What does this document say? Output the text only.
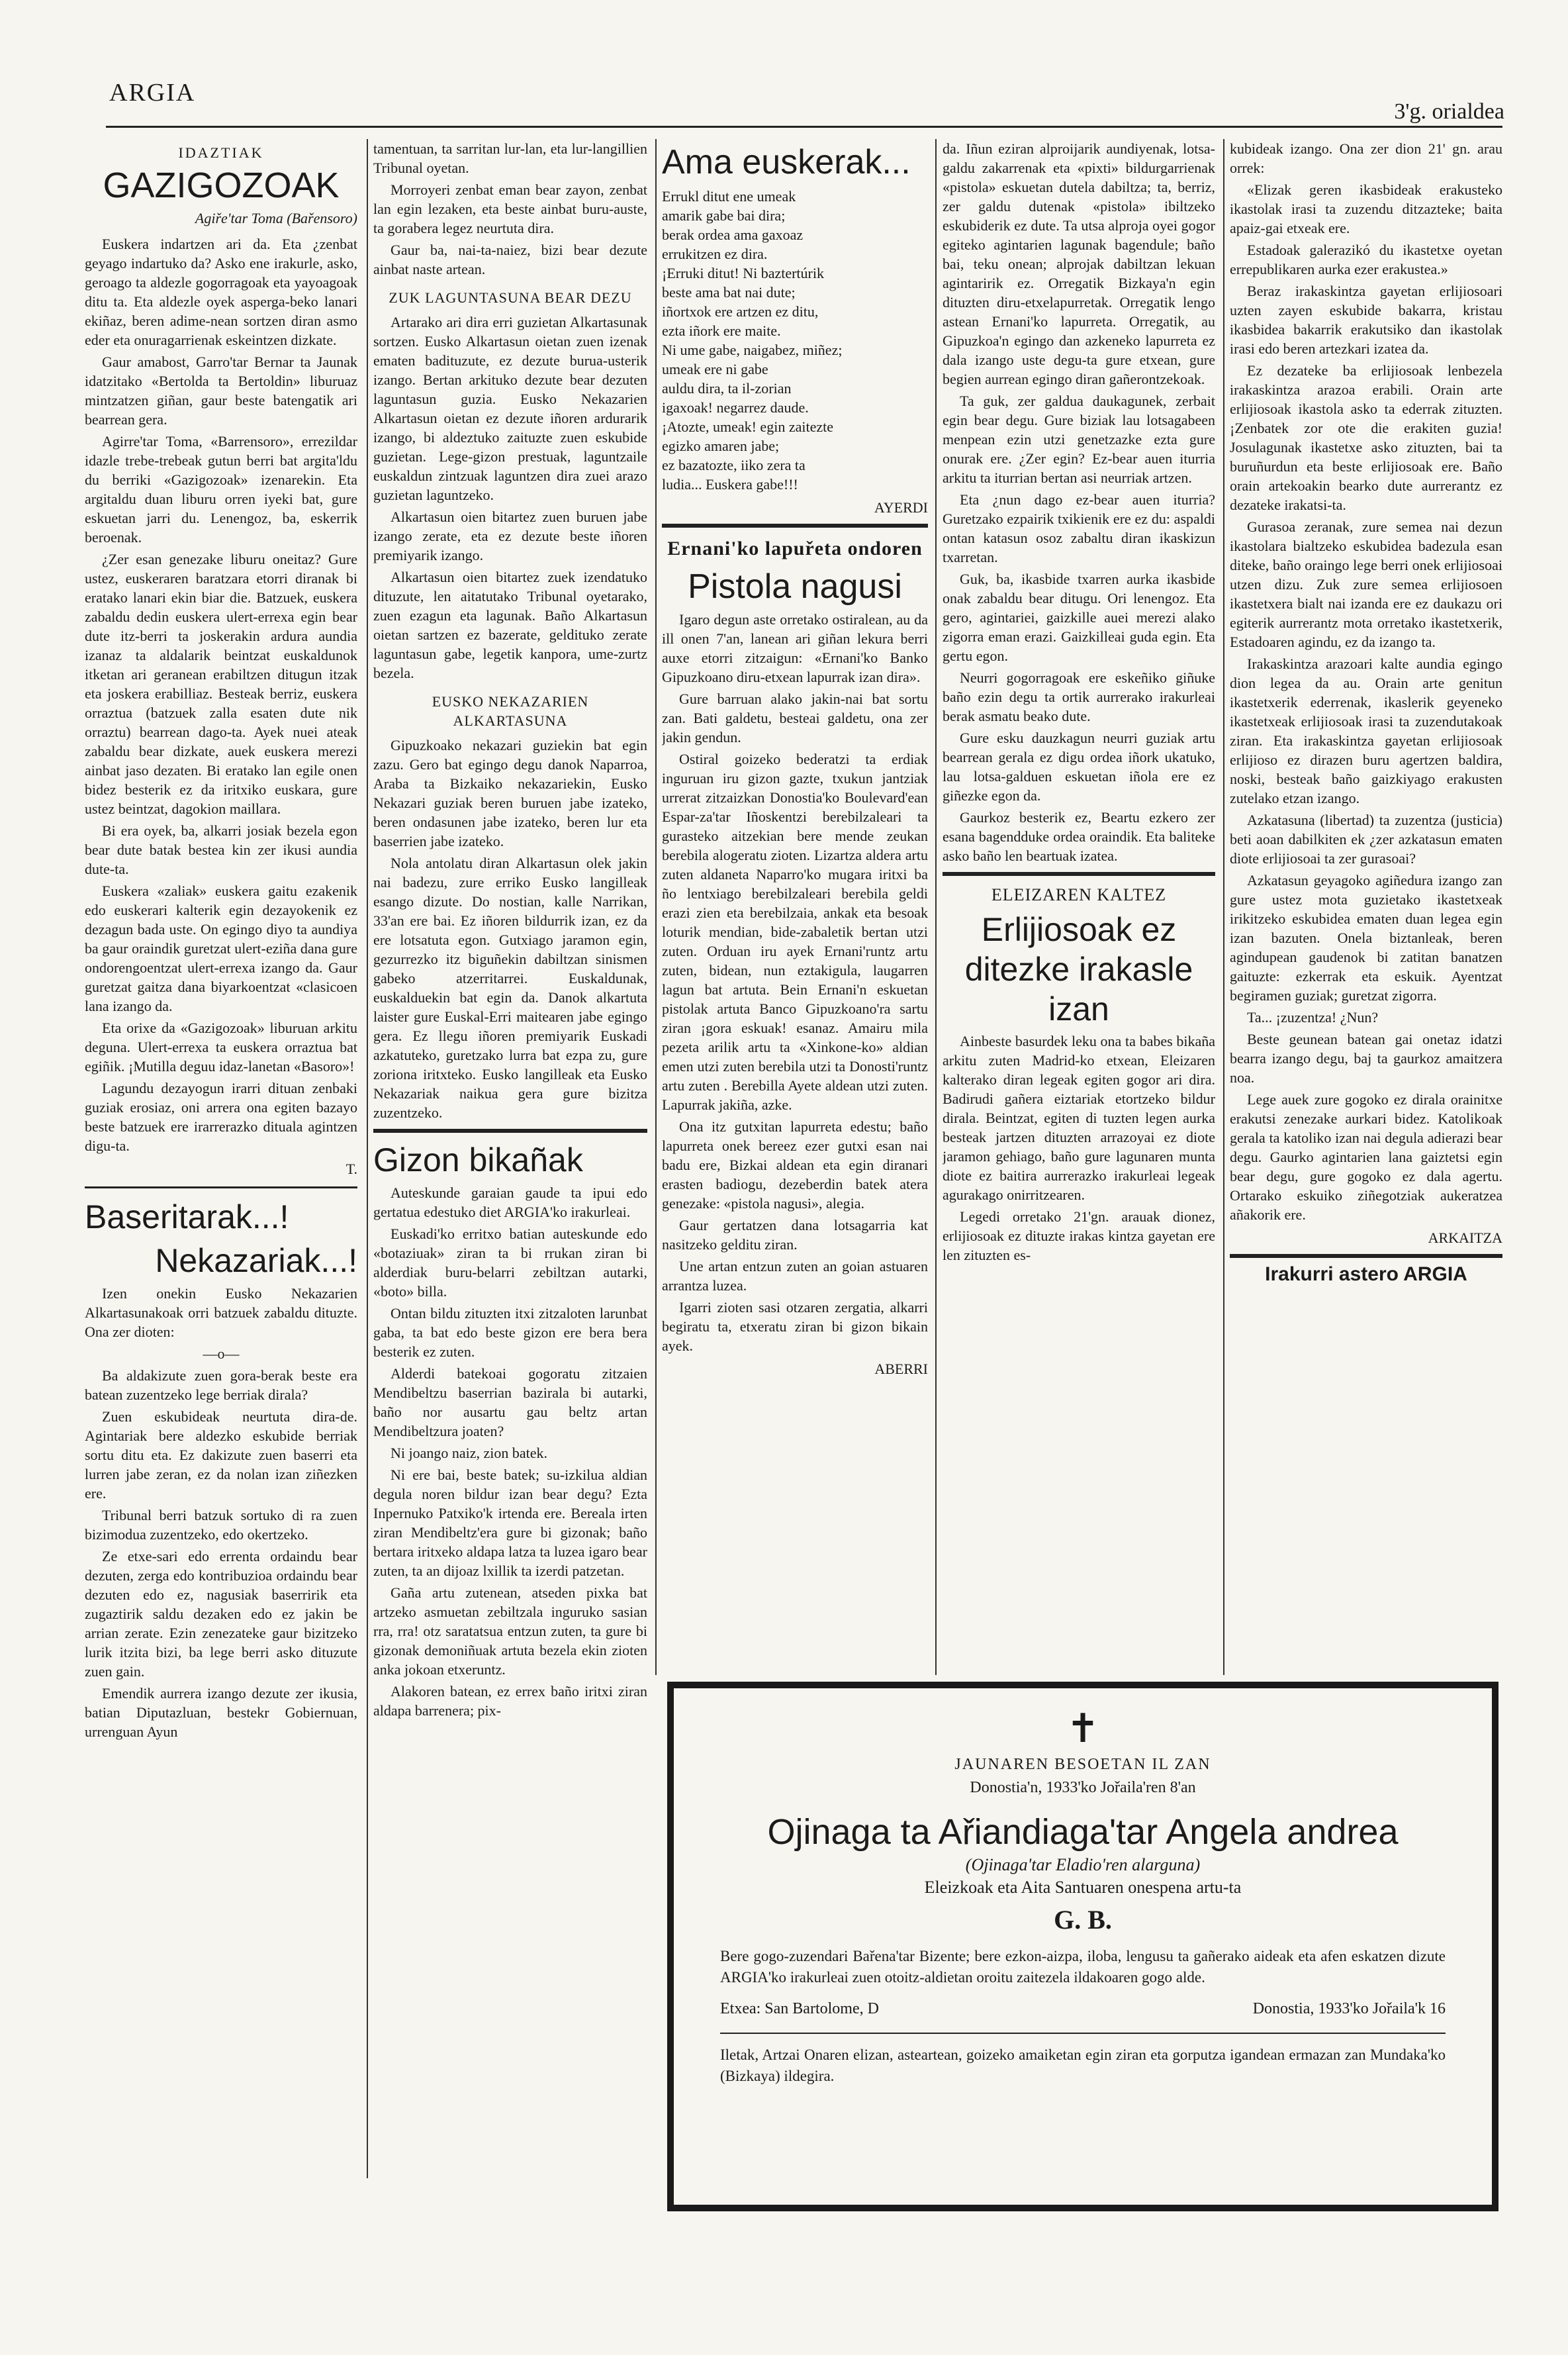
ARGIA
3'g. orialdea
IDAZTIAK
GAZIGOZOAK
Agiře'tar Toma (Bařensoro)

Euskera indartzen ari da. Eta ¿zenbat geyago indartuko da? Asko ene irakurle, asko, geroago ta aldezle gogorragoak eta yayoagoak ditu ta. Eta aldezle oyek asperga-beko lanari ekiñaz, beren adime-nean sortzen diran asmo eder eta onuragarrienak eskeintzen dizkate.

Gaur amabost, Garro'tar Bernar ta Jaunak idatzitako «Bertolda ta Bertoldin» liburuaz mintzatzen giñan, gaur beste batengatik ari bearrean gera.

Agirre'tar Toma, «Barrensoro», errezildar idazle trebe-trebeak gutun berri bat argita'ldu du berriki «Gazigozoak» izenarekin. Eta argitaldu duan liburu orren iyeki bat, gure eskuetan jarri du. Lenengoz, ba, eskerrik beroenak.

¿Zer esan genezake liburu oneitaz? Gure ustez, euskeraren baratzara etorri diranak bi eratako lanari ekin biar die. Batzuek, euskera zabaldu dedin euskera ulert-errexa egin bear dute itz-berri ta joskerakin ardura aundia izanaz ta aldalarik beintzat euskaldunok itketan ari geranean erabiltzen ditugun itzak eta joskera erabilliaz. Besteak berriz, euskera orraztua (batzuek zalla esaten dute nik orraztu) bearrean dago-ta. Ayek nuei ateak zabaldu bear dizkate, auek euskera merezi ainbat jaso dezaten. Bi eratako lan egile onen bidez besterik ez da iritxiko euskara, gure ustez beintzat, dagokion maillara.

Bi era oyek, ba, alkarri josiak bezela egon bear dute batak bestea kin zer ikusi aundia dute-ta.

Euskera «zaliak» euskera gaitu ezakenik edo euskerari kalterik egin dezayokenik ez dezagun bada uste. On egingo diyo ta aundiya ba gaur oraindik guretzat ulert-eziña dana gure ondorengoentzat ulert-errexa izango da. Gaur guretzat gaitza dana biyarkoentzat «clasicoen lana izango da.

Eta orixe da «Gazigozoak» liburuan arkitu deguna. Ulert-errexa ta euskera orraztua bat egiñik. ¡Mutilla deguu idaz-lanetan «Basoro»!

Lagundu dezayogun irarri dituan zenbaki guziak erosiaz, oni arrera ona egiten bazayo beste batzuek ere irarrerazko dituala agintzen digu-ta.

T.
Baseritarak...!
Nekazariak...!

Izen onekin Eusko Nekazarien Alkartasunakoak orri batzuek zabaldu dituzte. Ona zer dioten:

—o—

Ba aldakizute zuen gora-berak beste era batean zuzentzeko lege berriak dirala?

Zuen eskubideak neurtuta dira-de. Agintariak bere aldezko eskubide berriak sortu ditu eta. Ez dakizute zuen baserri eta lurren jabe zeran, ez da nolan izan ziñezken ere.

Tribunal berri batzuk sortuko di ra zuen bizimodua zuzentzeko, edo okertzeko.

Ze etxe-sari edo errenta ordaindu bear dezuten, zerga edo kontribuzioa ordaindu bear dezuten edo ez, nagusiak baserririk eta zugaztirik saldu dezaken edo ez jakin be arrian zerate. Ezin zenezateke gaur bizitzeko lurik itzita bizi, ba lege berri asko dituzute zuen gain.

Emendik aurrera izango dezute zer ikusia, batian Diputazluan, bestekr Gobiernuan, urrenguan Ayun

tamentuan, ta sarritan lur-lan, eta lur-langillien Tribunal oyetan.

Morroyeri zenbat eman bear zayon, zenbat lan egin lezaken, eta beste ainbat buru-auste, ta gorabera legez neurtuta dira.

Gaur ba, nai-ta-naiez, bizi bear dezute ainbat naste artean.

ZUK LAGUNTASUNA BEAR DEZU

Artarako ari dira erri guzietan Alkartasunak sortzen. Eusko Alkartasun oietan zuen izenak ematen badituzute, ez dezute burua-usterik izango. Bertan arkituko dezute bear dezuten laguntasun guzia. Eusko Nekazarien Alkartasun oietan ez dezute iñoren ardurarik izango, bi aldeztuko zaituzte zuen eskubide guzietan. Lege-gizon prestuak, laguntzaile euskaldun zintzuak laguntzen dira zuei arazo guzietan laguntzeko.

Alkartasun oien bitartez zuen buruen jabe izango zerate, eta ez dezute beste iñoren premiyarik izango.

Alkartasun oien bitartez zuek izendatuko dituzute, len aitatutako Tribunal oyetarako, zuen ezagun eta lagunak. Baño Alkartasun oietan sartzen ez bazerate, geldituko zerate laguntasun gabe, legetik kanpora, ume-zurtz bezela.

EUSKO NEKAZARIEN ALKARTASUNA

Gipuzkoako nekazari guziekin bat egin zazu. Gero bat egingo degu danok Naparroa, Araba ta Bizkaiko nekazariekin, Eusko Nekazari guziak beren buruen jabe izateko, beren ondasunen jabe izateko, beren lur eta baserrien jabe izateko.

Nola antolatu diran Alkartasun olek jakin nai badezu, zure erriko Eusko langilleak esango dizute. Do nostian, kalle Narrikan, 33'an ere bai. Ez iñoren bildurrik izan, ez da ere lotsatuta egon. Gutxiago jaramon egin, gezurrezko itz biguñekin dabiltzan sinismen gabeko atzerritarrei. Euskaldunak, euskalduekin bat egin da. Danok alkartuta laister gure Euskal-Erri maitearen jabe egingo gera. Ez llegu iñoren premiyarik Euskadi azkatuteko, guretzako lurra bat ezpa zu, gure zoriona iritxteko. Eusko langilleak eta Eusko Nekazariak naikua gera gure bizitza zuzentzeko.

Gizon bikañak

Auteskunde garaian gaude ta ipui edo gertatua edestuko diet ARGIA'ko irakurleai.

Euskadi'ko erritxo batian auteskunde edo «botaziuak» ziran ta bi rrukan ziran bi alderdiak buru-belarri zebiltzan autarki, «boto» billa.

Ontan bildu zituzten itxi zitzaloten larunbat gaba, ta bat edo beste gizon ere bera bera besterik ez zuten.

Alderdi batekoai gogoratu zitzaien Mendibeltzu baserrian bazirala bi autarki, baño nor ausartu gau beltz artan Mendibeltzura joaten?

Ni joango naiz, zion batek.

Ni ere bai, beste batek; su-izkilua aldian degula noren bildur izan bear degu? Ezta Inpernuko Patxiko'k irtenda ere. Bereala irten ziran Mendibeltz'era gure bi gizonak; baño bertara iritxeko aldapa latza ta luzea igaro bear zuten, ta an dijoaz lxillik ta izerdi patzetan.

Gaña artu zutenean, atseden pixka bat artzeko asmuetan zebiltzala inguruko sasian rra, rra! otz saratatsua entzun zuten, ta gure bi gizonak demoniñuak artuta bezela ekin zioten anka jokoan etxeruntz.

Alakoren batean, ez errex baño iritxi ziran aldapa barrenera; pix-

Ama euskerak...
Errukl ditut ene umeak
amarik gabe bai dira;
berak ordea ama gaxoaz
errukitzen ez dira.
¡Erruki ditut! Ni baztertúrik
beste ama bat nai dute;
iñortxok ere artzen ez ditu,
ezta iñork ere maite.
Ni ume gabe, naigabez, miñez;
umeak ere ni gabe
auldu dira, ta il-zorian
igaxoak! negarrez daude.
¡Atozte, umeak! egin zaitezte
egizko amaren jabe;
ez bazatozte, iiko zera ta
ludia... Euskera gabe!!!
AYERDI
Ernani'ko lapuřeta ondoren
Pistola nagusi

Igaro degun aste orretako ostiralean, au da ill onen 7'an, lanean ari giñan lekura berri auxe etorri zitzaigun: «Ernani'ko Banko Gipuzkoano diru-etxean lapurrak izan dira».

Gure barruan alako jakin-nai bat sortu zan. Bati galdetu, besteai galdetu, ona zer jakin gendun.

Ostiral goizeko bederatzi ta erdiak inguruan iru gizon gazte, txukun jantziak urrerat zitzaizkan Donostia'ko Boulevard'ean Espar-za'tar Iñoskentzi berebilzaleari ta gurasteko aitzekian bere mende zeukan berebila alogeratu zioten. Lizartza aldera artu zuten aldaneta Naparro'ko mugara iritxi ba ño lentxiago berebilzaleari berebila geldi erazi zien eta berebilzaia, ankak eta besoak loturik mendian, bide-zabaletik bertan utzi zuten. Orduan iru ayek Ernani'runtz artu zuten, bidean, nun eztakigula, laugarren lagun bat artuta. Bein Ernani'n eskuetan pistolak artuta Banco Gipuzkoano'ra sartu ziran ¡gora eskuak! esanaz. Amairu mila pezeta arilik artu ta «Xinkone-ko» aldian emen utzi zuten berebila utzi ta Donosti'runtz artu zuten . Berebilla Ayete aldean utzi zuten. Lapurrak jakiña, azke.

Ona itz gutxitan lapurreta edestu; baño lapurreta onek bereez ezer gutxi esan nai badu ere, Bizkai aldean eta egin diranari erasten badiogu, dezeberdin batek atera genezake: «pistola nagusi», alegia.

Gaur gertatzen dana lotsagarria kat nasitzeko gelditu ziran.

Une artan entzun zuten an goian astuaren arrantza luzea.

Igarri zioten sasi otzaren zergatia, alkarri begiratu ta, etxeratu ziran bi gizon bikain ayek.

ABERRI

da. Iñun eziran alproijarik aundiyenak, lotsa-galdu zakarrenak eta «pixti» bildurgarrienak «pistola» eskuetan dutela dabiltza; ta, berriz, zer galdu dutenak «pistola» ibiltzeko eskubiderik ez dute. Ta utsa alproja oyei gogor egiteko agintarien lagunak bagendule; baño bai, teku onean; alprojak dabiltzan lekuan agintaririk ez. Orregatik Bizkaya'n egin dituzten diru-etxelapurretak. Orregatik lengo astean Ernani'ko lapurreta. Orregatik, au Gipuzkoa'n egingo dan azkeneko lapurreta ez dala izango uste degu-ta gure etxean, gure begien aurrean egingo diran gañerontzekoak.

Ta guk, zer galdua daukagunek, zerbait egin bear degu. Gure biziak lau lotsagabeen menpean ezin utzi genetzazke ezta gure onurak ere. ¿Zer egin? Ez-bear auen iturria arkitu ta iturrian bertan asi neurriak artzen.

Eta ¿nun dago ez-bear auen iturria? Guretzako ezpairik txikienik ere ez du: aspaldi ontan katasun osoz zabaltu diran ikaskizun txarretan.

Guk, ba, ikasbide txarren aurka ikasbide onak zabaldu bear ditugu. Ori lenengoz. Eta gero, agintariei, gaizkille auei merezi alako zigorra eman erazi. Gaizkilleai guda egin. Eta gertu egon.

Neurri gogorragoak ere eskeñiko giñuke baño ezin degu ta ortik aurrerako irakurleai berak asmatu beako dute.

Gure esku dauzkagun neurri guziak artu bearrean gerala ez digu ordea iñork ukatuko, lau lotsa-galduen eskuetan iñola ere ez giñezke egon da.

Gaurkoz besterik ez, Beartu ezkero zer esana bagendduke ordea oraindik. Eta baliteke asko baño len beartuak izatea.

ELEIZAREN KALTEZ
Erlijiosoak ez ditezke irakasle izan

Ainbeste basurdek leku ona ta babes bikaña arkitu zuten Madrid-ko etxean, Eleizaren kalterako diran legeak egiten gogor ari dira. Badirudi gañera eiztariak etortzeko bildur dirala. Beintzat, egiten di tuzten legen aurka besteak jartzen dituzten arrazoyai ez diote jaramon gehiago, baño gure lagunaren munta diote ez baitira aurrerazko irakurleai legeak agurakago onirritzearen.

Legedi orretako 21'gn. arauak dionez, erlijiosoak ez dituzte irakas kintza gayetan ere len zituzten es-

kubideak izango. Ona zer dion 21' gn. arau orrek:

«Elizak geren ikasbideak erakusteko ikastolak irasi ta zuzendu ditzazteke; baita apaiz-gai etxeak ere.

Estadoak galerazikó du ikastetxe oyetan errepublikaren aurka ezer erakustea.»

Beraz irakaskintza gayetan erlijiosoari uzten zayen eskubide bakarra, kristau ikasbidea bakarrik erakutsiko dan ikastolak irasi edo beren artezkari izatea da.

Ez dezateke ba erlijiosoak lenbezela irakaskintza arazoa erabili. Orain arte erlijiosoak ikastola asko ta ederrak zituzten. ¡Zenbatek zor ote die erakiten guzia! Josulagunak ikastetxe asko zituzten, bai ta buruñurdun eta beste erlijiosoak ere. Baño orain artekoakin bearko dute aurrerantz ez dezateke irakatsi-ta.

Gurasoa zeranak, zure semea nai dezun ikastolara bialtzeko eskubidea badezula esan diteke, baño oraingo lege berri onek erlijiosoai utzen dizu. Zuk zure semea erlijiosoen ikastetxera bialt nai izanda ere ez daukazu ori egiterik aurrerantz mota orretako ikastetxerik, Estadoaren agindu, ez da izango ta.

Irakaskintza arazoari kalte aundia egingo dion legea da au. Orain arte genitun ikastetxerik ederrenak, ikaslerik geyeneko ikastetxeak erlijiosoak irasi ta zuzendutakoak ziran. Eta irakaskintza gayetan erlijiosoak erlijioso ez dirazen buru agertzen baldira, noski, besteak baño gaizkiyago erakusten zutelako etzan izango.

Azkatasuna (libertad) ta zuzentza (justicia) beti aoan dabilkiten ek ¿zer azkatasun ematen diote erlijiosoai ta zer gurasoai?

Azkatasun geyagoko agiñedura izango zan gure ustez mota guzietako ikastetxeak irikitzeko eskubidea ematen duan legea egin izan bazuten. Onela biztanleak, beren agindupean gaudenok bi zatitan banatzen gaituzte: ezkerrak eta eskuik. Ayentzat begiramen guziak; guretzat zigorra.

Ta... ¡zuzentza! ¿Nun?

Beste geunean batean gai onetaz idatzi bearra izango degu, baj ta gaurkoz amaitzera noa.

Lege auek zure gogoko ez dirala orainitxe erakutsi zenezake aurkari bidez. Katolikoak gerala ta katoliko izan nai degula adierazi bear degu. Gaurko agintarien lana gaiztetsi egin bear degu, gure gogoko ez dala agertu. Ortarako eskuiko ziñegotziak aukeratzea añakorik ere.

ARKAITZA
Irakurri astero ARGIA
✝
JAUNAREN BESOETAN IL ZAN
Donostia'n, 1933'ko Jořaila'ren 8'an
Ojinaga ta Ařiandiaga'tar Angela andrea
(Ojinaga'tar Eladio'ren alarguna)
Eleizkoak eta Aita Santuaren onespena artu-ta
G. B.
Bere gogo-zuzendari Bařena'tar Bizente; bere ezkon-aizpa, iloba, lengusu ta gañerako aideak eta afen eskatzen dizute ARGIA'ko irakurleai zuen otoitz-aldietan oroitu zaitezela ildakoaren gogo alde.
Etxea: San Bartolome, D	Donostia, 1933'ko Jořaila'k 16
Iletak, Artzai Onaren elizan, asteartean, goizeko amaiketan egin ziran eta gorputza igandean ermazan zan Mundaka'ko (Bizkaya) ildegira.
